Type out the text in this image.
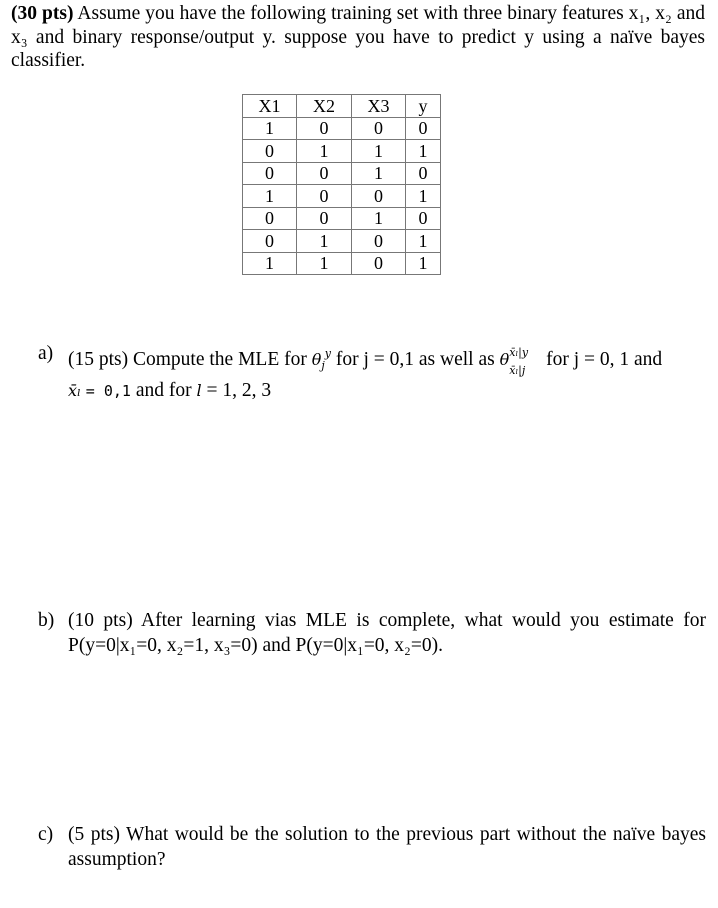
(30 pts) Assume you have the following training set with three binary features x₁, x₂ and x₃ and binary response/output y. suppose you have to predict y using a naïve bayes classifier.
X1	X2	X3	y
1	0	0	0
0	1	1	1
0	0	1	0
1	0	0	1
0	0	1	0
0	1	0	1
1	1	0	1
a) (15 pts) Compute the MLE for $\theta_j^y$ for j = 0,1 as well as θ x̄ₗ|y
x̄ₗ|j
for j = 0, 1 and
x̄ₗ = 0,1 and for l = 1, 2, 3
b) (10 pts) After learning vias MLE is complete, what would you estimate for P(y=0|x₁=0, x₂=1, x₃=0) and P(y=0|x₁=0, x₂=0).
c) (5 pts) What would be the solution to the previous part without the naïve bayes assumption?
